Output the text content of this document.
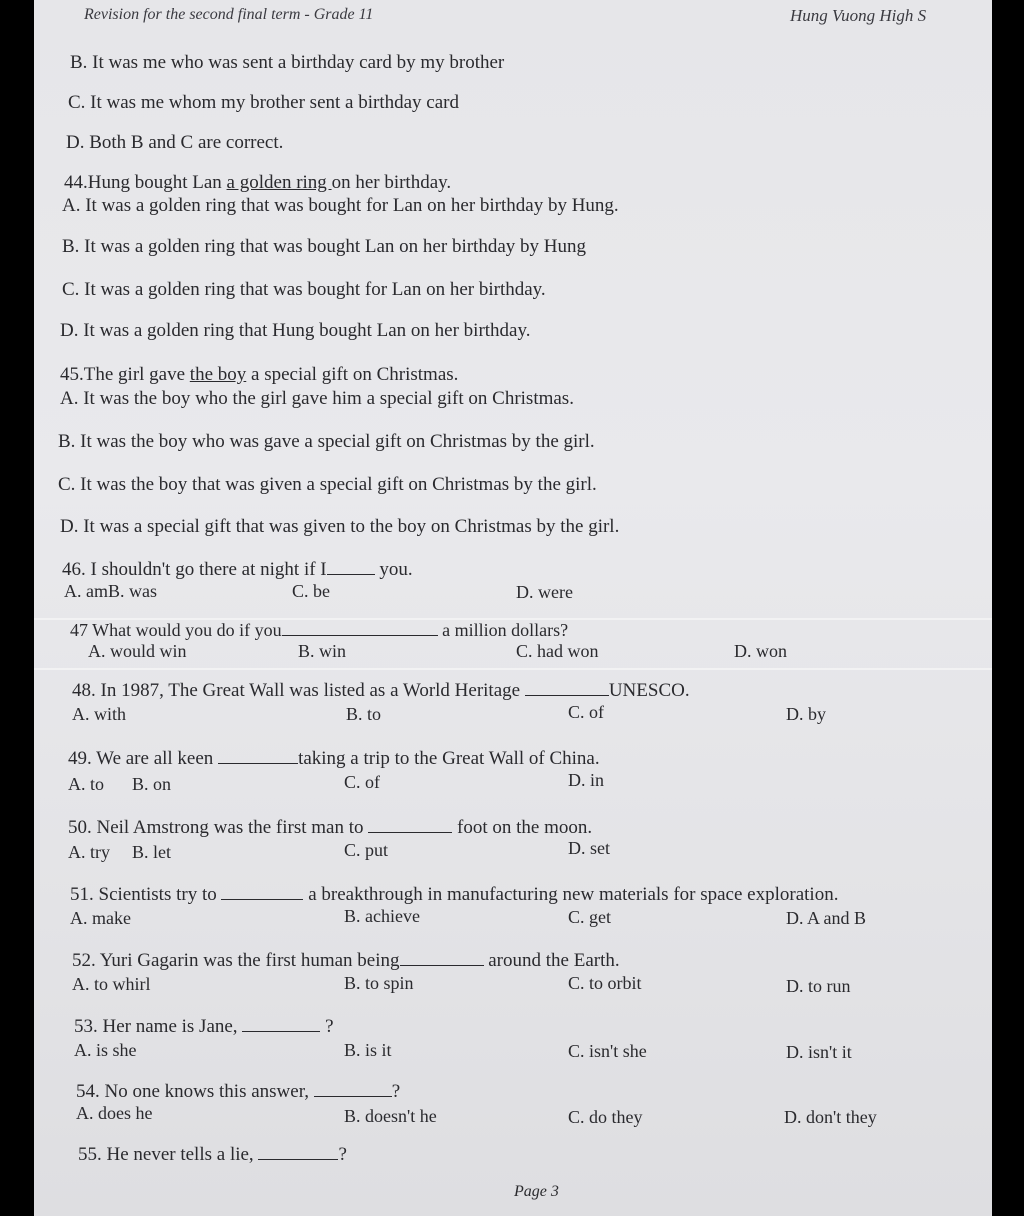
Revision for the second final term - Grade 11	Hung Vuong High S
B. It was me who was sent a birthday card by my brother
C. It was me whom my brother sent a birthday card
D. Both B and C are correct.
44.Hung bought Lan a golden ring on her birthday.
A. It was a golden ring that was bought for Lan on her birthday by Hung.
B. It was a golden ring that was bought Lan on her birthday by Hung
C. It was a golden ring that was bought for Lan on her birthday.
D. It was a golden ring that Hung bought Lan on her birthday.
45.The girl gave the boy a special gift on Christmas.
A. It was the boy who the girl gave him a special gift on Christmas.
B. It was the boy who was gave a special gift on Christmas by the girl.
C. It was the boy that was given a special gift on Christmas by the girl.
D. It was a special gift that was given to the boy on Christmas by the girl.
46. I shouldn't go there at night if I	you.
A. amB. was	C. be	D. were
47 What would you do if you	a million dollars?
A. would win	B. win	C. had won	D. won
48. In 1987, The Great Wall was listed as a World Heritage	UNESCO.
A. with	B. to	C. of	D. by
49. We are all keen	taking a trip to the Great Wall of China.
A. to B. on	C. of	D. in
50. Neil Amstrong was the first man to	foot on the moon.
A. try B. let	C. put	D. set
51. Scientists try to	a breakthrough in manufacturing new materials for space exploration.
A. make	B. achieve	C. get	D. A and B
52. Yuri Gagarin was the first human being	around the Earth.
A. to whirl	B. to spin	C. to orbit	D. to run
53. Her name is Jane,	?
A. is she	B. is it	C. isn't she	D. isn't it
54. No one knows this answer,	?
A. does he	B. doesn't he	C. do they	D. don't they
55. He never tells a lie,	?
Page 3
